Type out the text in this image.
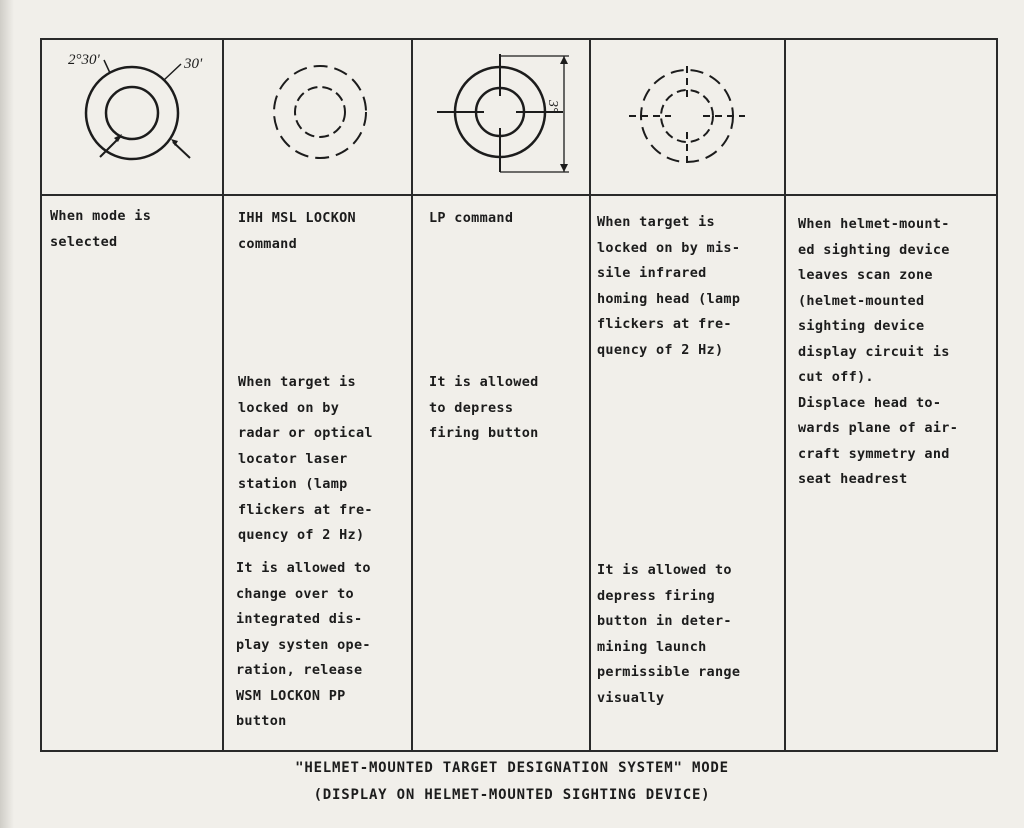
2°30'	30'
3°
When mode is
selected
IHH MSL LOCKON
command
When target is
locked on by
radar or optical
locator laser
station (lamp
flickers at fre-
quency of 2 Hz)
It is allowed to
change over to
integrated dis-
play systen ope-
ration, release
WSM LOCKON PP
button
LP command
It is allowed
to depress
firing button
When target is
locked on by mis-
sile infrared
homing head (lamp
flickers at fre-
quency of 2 Hz)
It is allowed to
depress firing
button in deter-
mining launch
permissible range
visually
When helmet-mount-
ed sighting device
leaves scan zone
(helmet-mounted
sighting device
display circuit is
cut off).
Displace head to-
wards plane of air-
craft symmetry and
seat headrest
"HELMET-MOUNTED TARGET DESIGNATION SYSTEM" MODE
(DISPLAY ON HELMET-MOUNTED SIGHTING DEVICE)
